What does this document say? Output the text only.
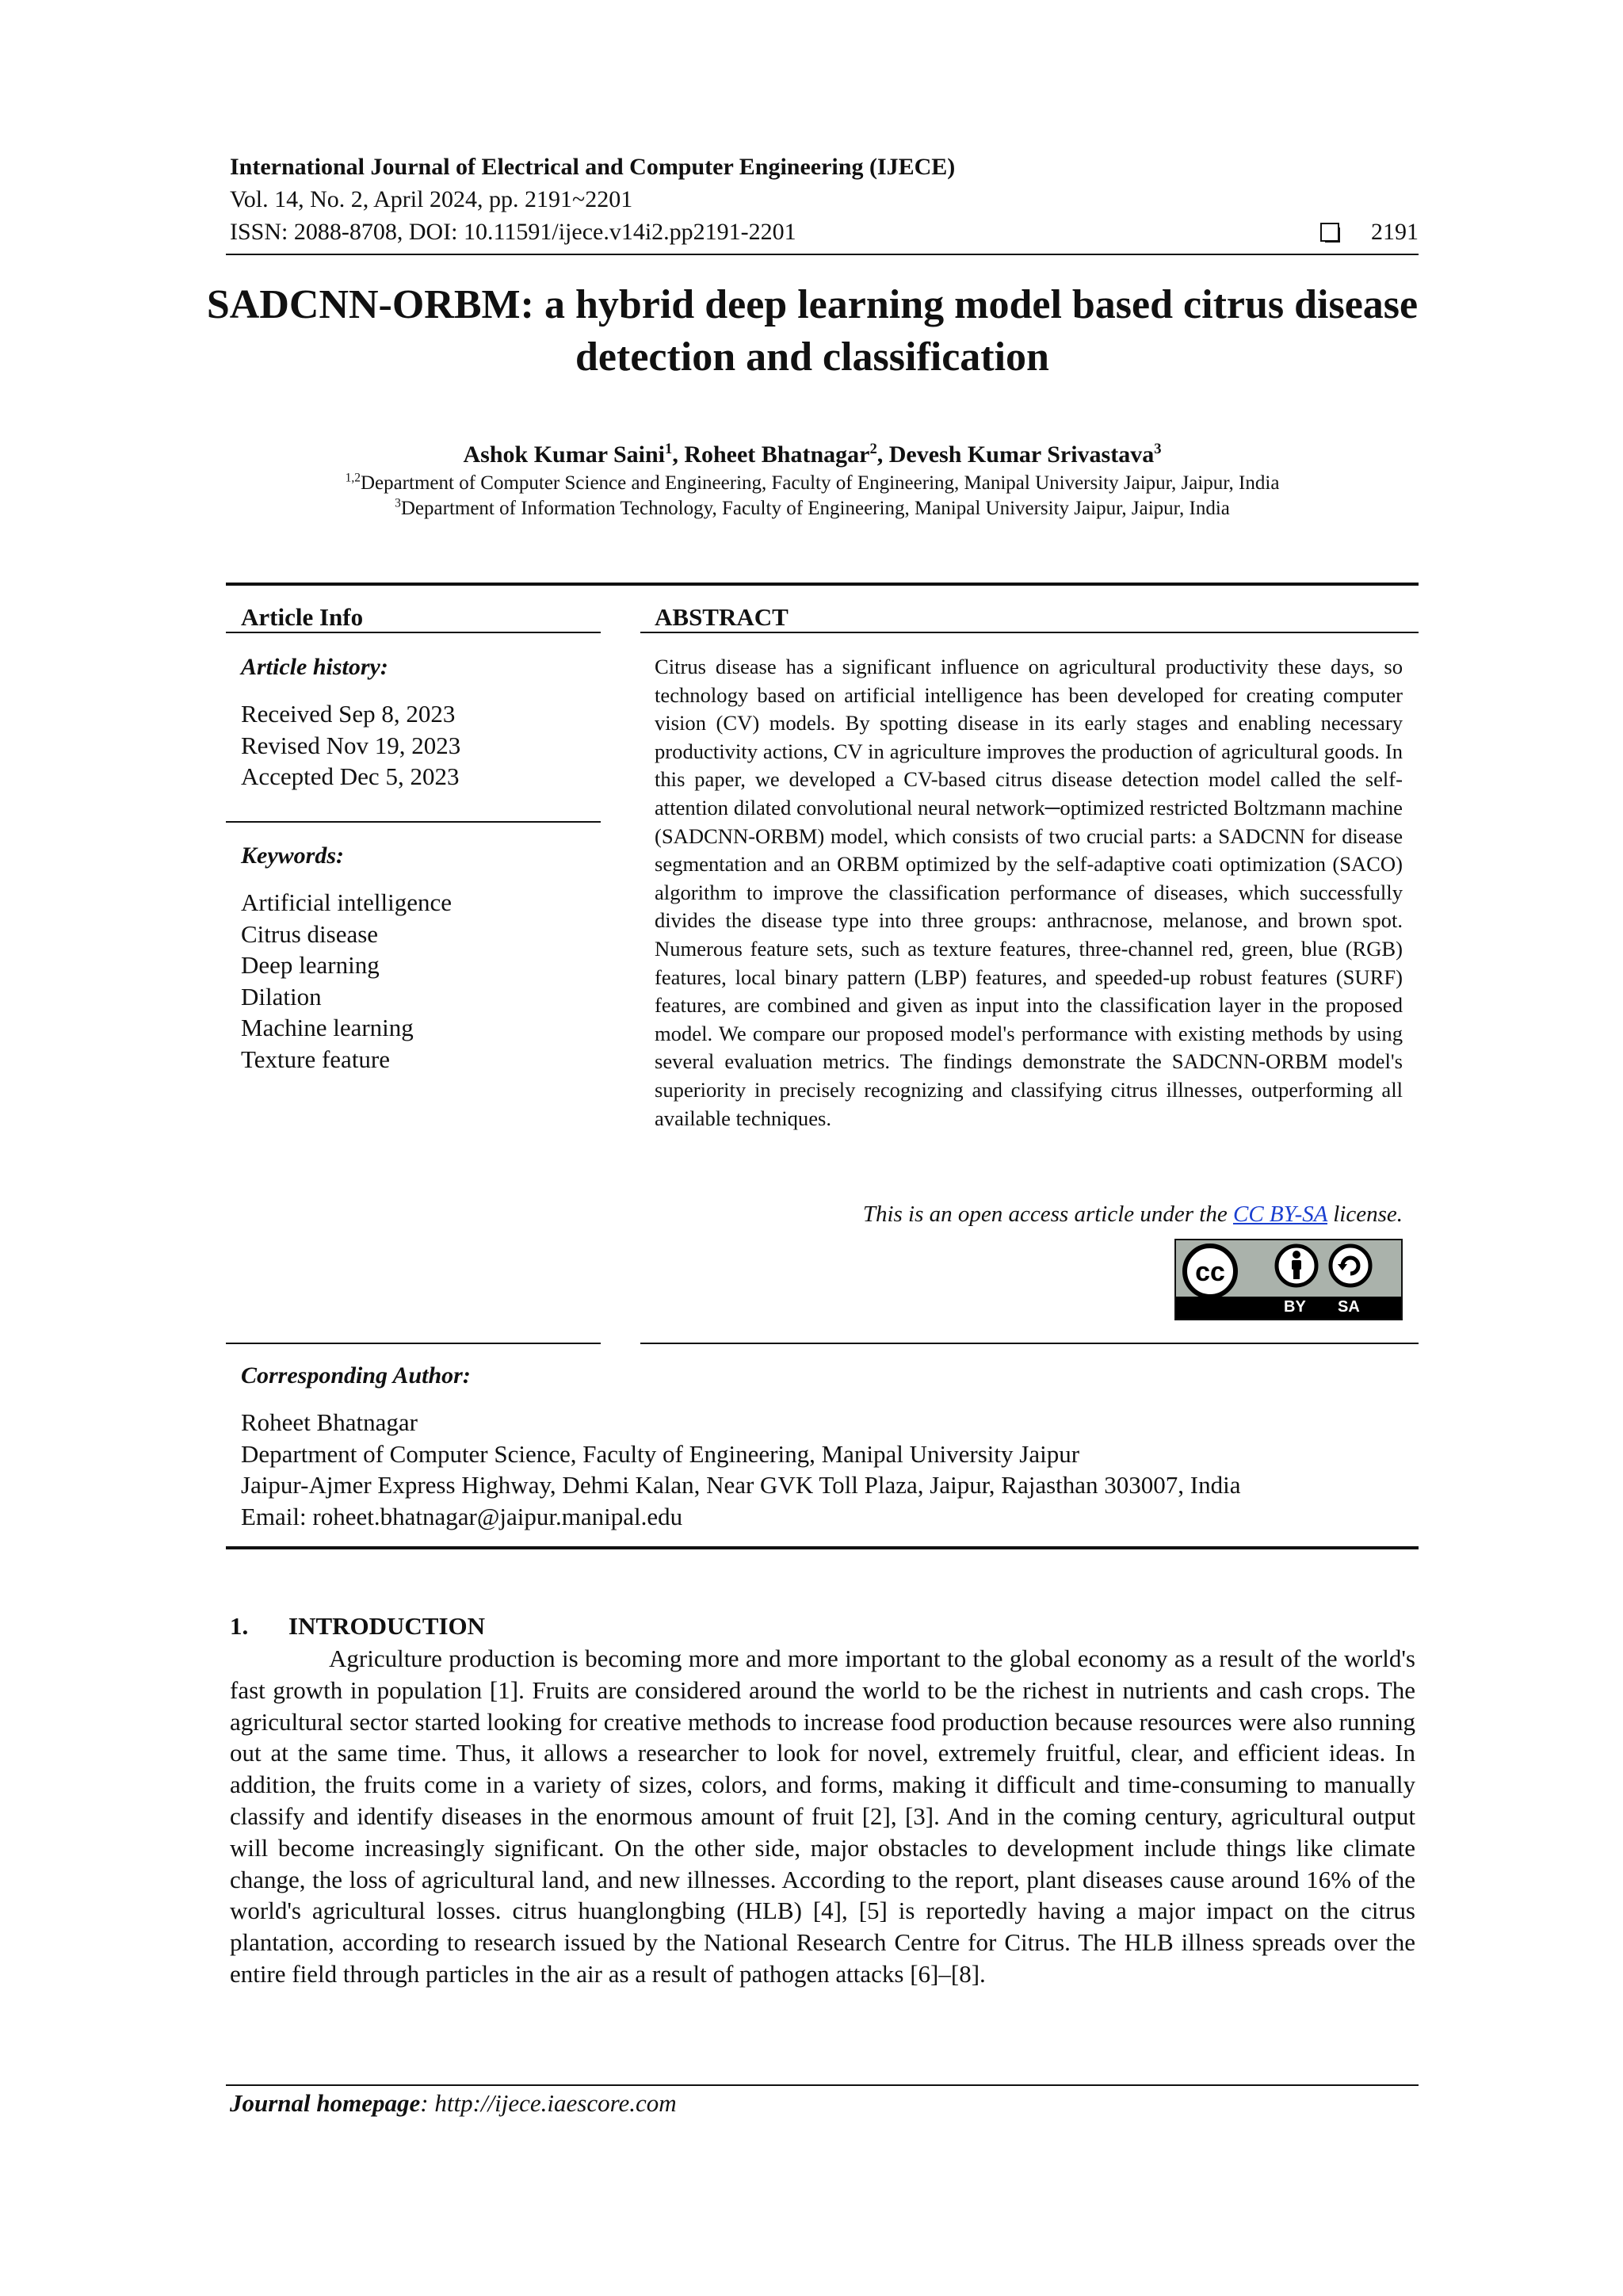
International Journal of Electrical and Computer Engineering (IJECE)
Vol. 14, No. 2, April 2024, pp. 2191~2201
ISSN: 2088-8708, DOI: 10.11591/ijece.v14i2.pp2191-2201	2191
SADCNN-ORBM: a hybrid deep learning model based citrus disease detection and classification
Ashok Kumar Saini$^1$, Roheet Bhatnagar$^2$, Devesh Kumar Srivastava$^3$
$^{1,2}$Department of Computer Science and Engineering, Faculty of Engineering, Manipal University Jaipur, Jaipur, India
$^3$Department of Information Technology, Faculty of Engineering, Manipal University Jaipur, Jaipur, India
Article Info
Article history:
Received Sep 8, 2023
Revised Nov 19, 2023
Accepted Dec 5, 2023
Keywords:
Artificial intelligence
Citrus disease
Deep learning
Dilation
Machine learning
Texture feature
ABSTRACT
Citrus disease has a significant influence on agricultural productivity these days, so technology based on artificial intelligence has been developed for creating computer vision (CV) models. By spotting disease in its early stages and enabling necessary productivity actions, CV in agriculture improves the production of agricultural goods. In this paper, we developed a CV-based citrus disease detection model called the self-attention dilated convolutional neural network─optimized restricted Boltzmann machine (SADCNN-ORBM) model, which consists of two crucial parts: a SADCNN for disease segmentation and an ORBM optimized by the self-adaptive coati optimization (SACO) algorithm to improve the classification performance of diseases, which successfully divides the disease type into three groups: anthracnose, melanose, and brown spot. Numerous feature sets, such as texture features, three-channel red, green, blue (RGB) features, local binary pattern (LBP) features, and speeded-up robust features (SURF) features, are combined and given as input into the classification layer in the proposed model. We compare our proposed model's performance with existing methods by using several evaluation metrics. The findings demonstrate the SADCNN-ORBM model's superiority in precisely recognizing and classifying citrus illnesses, outperforming all available techniques.
This is an open access article under the CC BY-SA license.
cc
BY SA
Corresponding Author:
Roheet Bhatnagar
Department of Computer Science, Faculty of Engineering, Manipal University Jaipur
Jaipur-Ajmer Express Highway, Dehmi Kalan, Near GVK Toll Plaza, Jaipur, Rajasthan 303007, India
Email: roheet.bhatnagar@jaipur.manipal.edu
1. INTRODUCTION
Agriculture production is becoming more and more important to the global economy as a result of the world's fast growth in population [1]. Fruits are considered around the world to be the richest in nutrients and cash crops. The agricultural sector started looking for creative methods to increase food production because resources were also running out at the same time. Thus, it allows a researcher to look for novel, extremely fruitful, clear, and efficient ideas. In addition, the fruits come in a variety of sizes, colors, and forms, making it difficult and time-consuming to manually classify and identify diseases in the enormous amount of fruit [2], [3]. And in the coming century, agricultural output will become increasingly significant. On the other side, major obstacles to development include things like climate change, the loss of agricultural land, and new illnesses. According to the report, plant diseases cause around 16% of the world's agricultural losses. citrus huanglongbing (HLB) [4], [5] is reportedly having a major impact on the citrus plantation, according to research issued by the National Research Centre for Citrus. The HLB illness spreads over the entire field through particles in the air as a result of pathogen attacks [6]–[8].
Journal homepage: http://ijece.iaescore.com
